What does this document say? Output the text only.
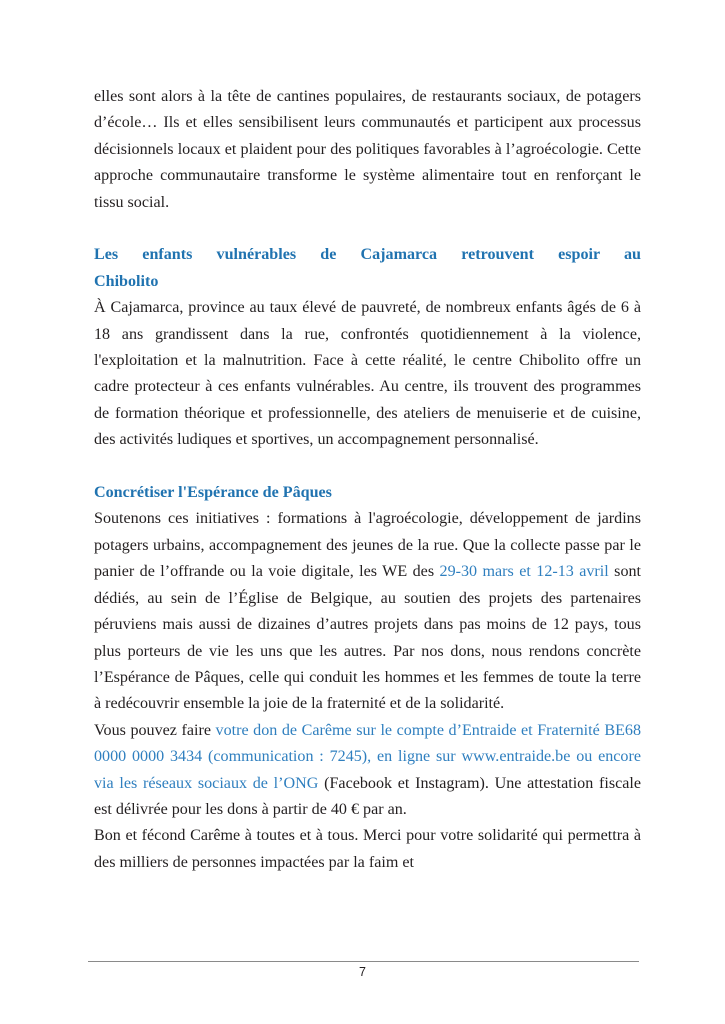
elles sont alors à la tête de cantines populaires, de restaurants sociaux, de potagers d’école… Ils et elles sensibilisent leurs communautés et participent aux processus décisionnels locaux et plaident pour des politiques favorables à l’agroécologie. Cette approche communautaire transforme le système alimentaire tout en renforçant le tissu social.

Les enfants vulnérables de Cajamarca retrouvent espoir au
Chibolito

À Cajamarca, province au taux élevé de pauvreté, de nombreux enfants âgés de 6 à 18 ans grandissent dans la rue, confrontés quotidiennement à la violence, l'exploitation et la malnutrition. Face à cette réalité, le centre Chibolito offre un cadre protecteur à ces enfants vulnérables. Au centre, ils trouvent des programmes de formation théorique et professionnelle, des ateliers de menuiserie et de cuisine, des activités ludiques et sportives, un accompagnement personnalisé.

Concrétiser l'Espérance de Pâques

Soutenons ces initiatives : formations à l'agroécologie, développement de jardins potagers urbains, accompagnement des jeunes de la rue. Que la collecte passe par le panier de l’offrande ou la voie digitale, les WE des 29-30 mars et 12-13 avril sont dédiés, au sein de l’Église de Belgique, au soutien des projets des partenaires péruviens mais aussi de dizaines d’autres projets dans pas moins de 12 pays, tous plus porteurs de vie les uns que les autres. Par nos dons, nous rendons concrète l’Espérance de Pâques, celle qui conduit les hommes et les femmes de toute la terre à redécouvrir ensemble la joie de la fraternité et de la solidarité.

Vous pouvez faire votre don de Carême sur le compte d’Entraide et Fraternité BE68 0000 0000 3434 (communication : 7245), en ligne sur www.entraide.be ou encore via les réseaux sociaux de l’ONG (Facebook et Instagram). Une attestation fiscale est délivrée pour les dons à partir de 40 € par an.

Bon et fécond Carême à toutes et à tous. Merci pour votre solidarité qui permettra à des milliers de personnes impactées par la faim et

7
